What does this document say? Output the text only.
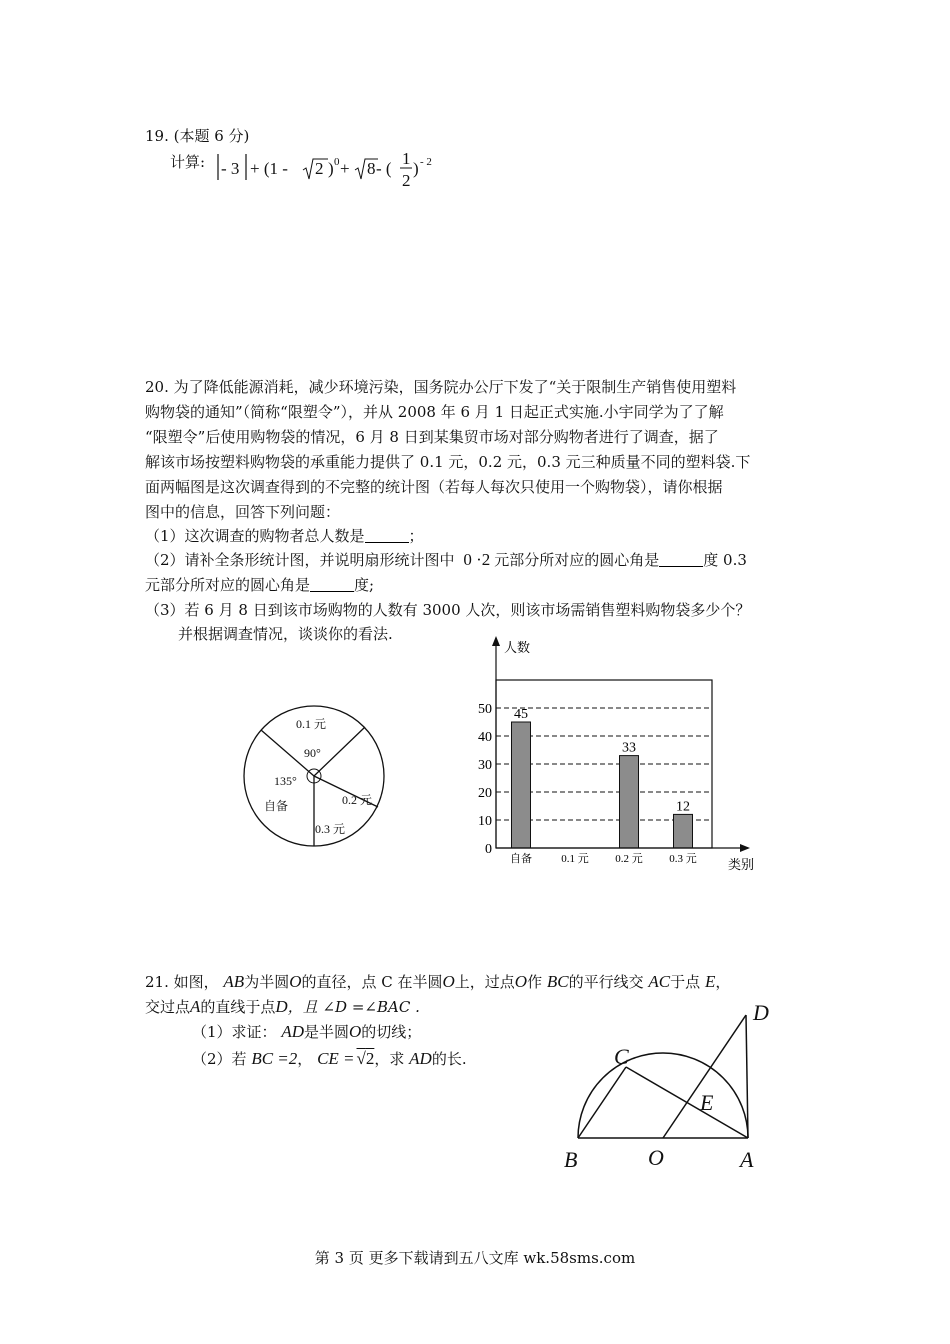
19. (本题 6 分)
计算: - 3 + (1 - 2 ) 0 + 8 - (
1
2
) - 2
20. 为了降低能源消耗，减少环境污染，国务院办公厅下发了“关于限制生产销售使用塑料
购物袋的通知”（简称“限塑令”），并从 2008 年 6 月 1 日起正式实施.小宇同学为了了解
“限塑令”后使用购物袋的情况，6 月 8 日到某集贸市场对部分购物者进行了调查，据了
解该市场按塑料购物袋的承重能力提供了 0.1 元，0.2 元，0.3 元三种质量不同的塑料袋.下
面两幅图是这次调查得到的不完整的统计图（若每人每次只使用一个购物袋），请你根据
图中的信息，回答下列问题：
（1）这次调查的购物者总人数是	；
（2）请补全条形统计图，并说明扇形统计图中 0 ·2 元部分所对应的圆心角是	度 0.3
元部分所对应的圆心角是	度;
（3）若 6 月 8 日到该市场购物的人数有 3000 人次，则该市场需销售塑料购物袋多少个？
并根据调查情况，谈谈你的看法.
0.1 元
90°
135°
自备	0.2 元
0.3 元
45
33
12
0
10
20
30
40
50
自备	0.1 元 0.2 元 0.3 元
人数
类别
21. 如图， AB为半圆O的直径，点 C 在半圆O上，过点O作 BC的平行线交 AC于点 E，
交过点A的直线于点D，且 ∠D =∠BAC .
（1）求证： AD是半圆O的切线；
（2）若 BC =2， CE = √2，求 AD的长.	C
D
E
B	O	A
第 3 页 更多下载请到五八文库 wk.58sms.com
